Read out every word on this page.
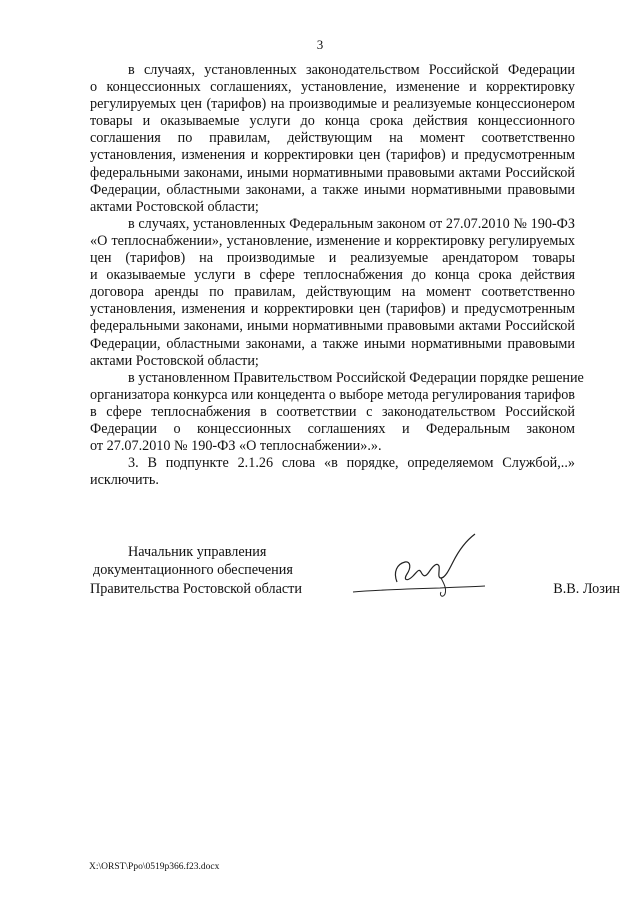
3
в случаях, установленных законодательством Российской Федерации
о концессионных соглашениях, установление, изменение и корректировку
регулируемых цен (тарифов) на производимые и реализуемые концессионером
товары и оказываемые услуги до конца срока действия концессионного
соглашения по правилам, действующим на момент соответственно
установления, изменения и корректировки цен (тарифов) и предусмотренным
федеральными законами, иными нормативными правовыми актами Российской
Федерации, областными законами, а также иными нормативными правовыми
актами Ростовской области;
в случаях, установленных Федеральным законом от 27.07.2010 № 190-ФЗ
«О теплоснабжении», установление, изменение и корректировку регулируемых
цен (тарифов) на производимые и реализуемые арендатором товары
и оказываемые услуги в сфере теплоснабжения до конца срока действия
договора аренды по правилам, действующим на момент соответственно
установления, изменения и корректировки цен (тарифов) и предусмотренным
федеральными законами, иными нормативными правовыми актами Российской
Федерации, областными законами, а также иными нормативными правовыми
актами Ростовской области;
в установленном Правительством Российской Федерации порядке решение
организатора конкурса или концедента о выборе метода регулирования тарифов
в сфере теплоснабжения в соответствии с законодательством Российской
Федерации о концессионных соглашениях и Федеральным законом
от 27.07.2010 № 190-ФЗ «О теплоснабжении».».
3. В подпункте 2.1.26 слова «в порядке, определяемом Службой,..»
исключить.
Начальник управления
документационного обеспечения
Правительства Ростовской области	В.В. Лозин
X:\ORST\Ppo\0519p366.f23.docx
